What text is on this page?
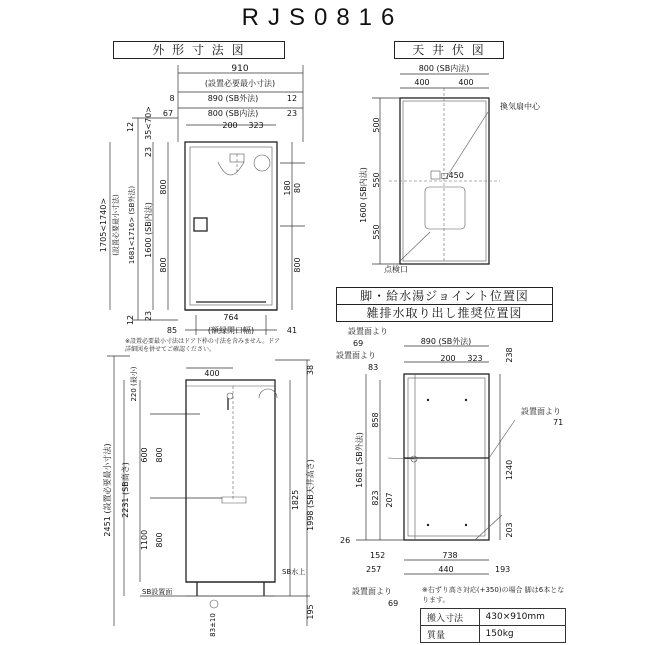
RJS0816
外 形 寸 法 図	天 井 伏 図
脚・給水湯ジョイント位置図
雑排水取り出し推奨位置図
910
(設置必要最小寸法)
8	890 (SB外法)	12
67	800 (SB内法)	23
200 323
12 35<70>
23
800
1600 (SB内法)
800
1705<1740> (設置必要最小寸法) 1681<1716> (SB外法)
12 23
180 80
800
764
(額縁開口幅)
85	41
800 (SB内法)
400	400
500
550
550
1600 (SB内法)
換気扇中心
□450
点検口
400	38
220 (最小)
600 800
1100 800
2451 (設置必要最小寸法) 2231 (SB高さ)	1825 1998 (SB天井高さ)
83±10
195
SB設置面
SB水上
設置面より
設置面より
設置面より
設置面より
69	890 (SB外法)
83
200 323	238
71
1240
203
858
823 207
1681 (SB外法)
26
152	738
257	440	193
69
※設置必要最小寸法はドア下枠の寸法を含みません。ドア詳細図を併せてご確認ください。
※右ずり高さ対応(+350)の場合 脚は6本となります。
搬入寸法	430×910mm
質量	150kg
